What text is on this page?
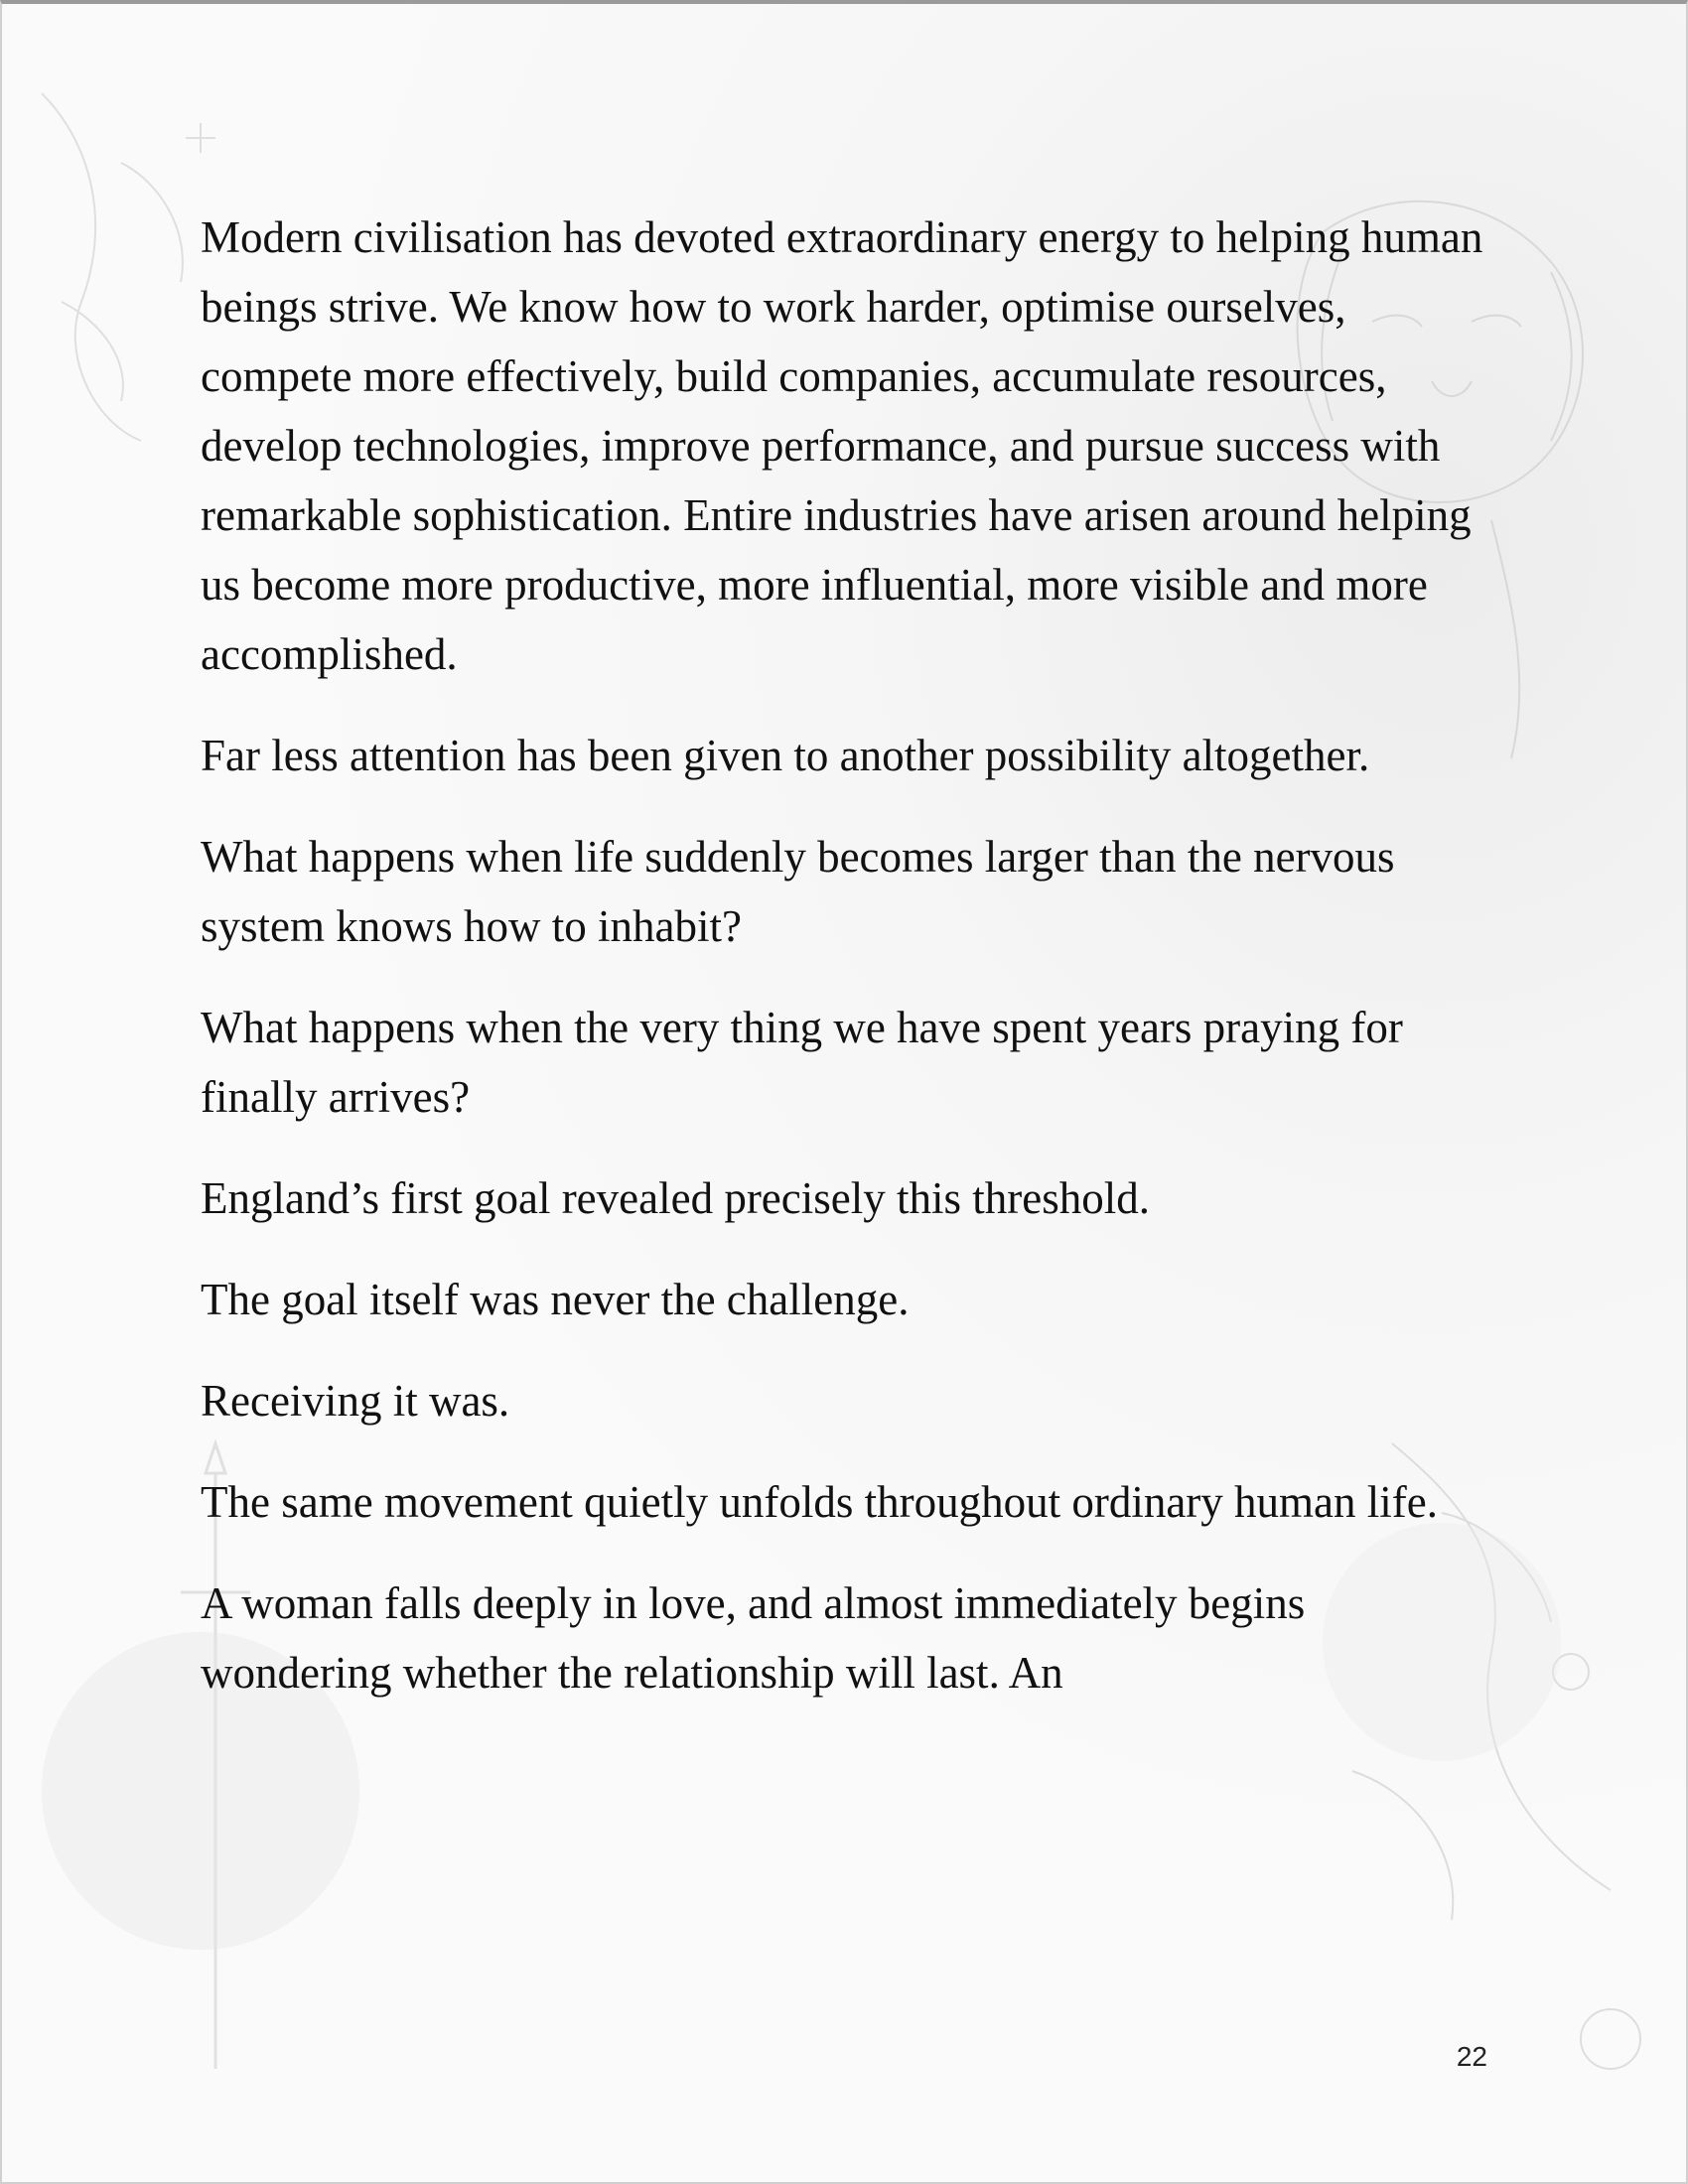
Modern civilisation has devoted extraordinary energy to helping human beings strive. We know how to work harder, optimise ourselves, compete more effectively, build companies, accumulate resources, develop technologies, improve performance, and pursue success with remarkable sophistication. Entire industries have arisen around helping us become more productive, more influential, more visible and more accomplished.

Far less attention has been given to another possibility altogether.

What happens when life suddenly becomes larger than the nervous system knows how to inhabit?

What happens when the very thing we have spent years praying for finally arrives?

England’s first goal revealed precisely this threshold.

The goal itself was never the challenge.

Receiving it was.

The same movement quietly unfolds throughout ordinary human life.

A woman falls deeply in love, and almost immediately begins wondering whether the relationship will last. An

22
